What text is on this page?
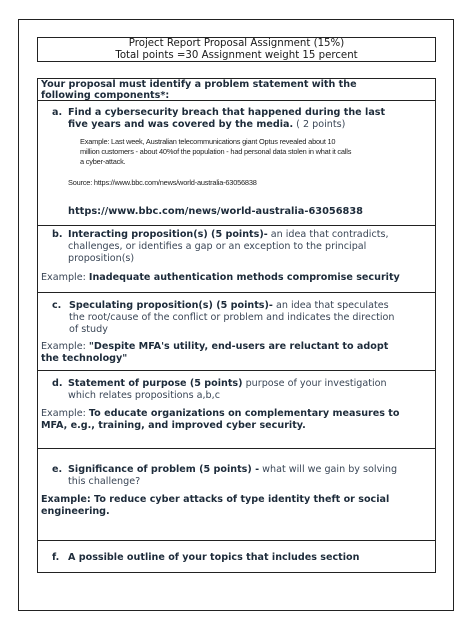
Project Report Proposal Assignment (15%)
Total points =30 Assignment weight 15 percent
Your proposal must identify a problem statement with the
following components*:
a. Find a cybersecurity breach that happened during the last
five years and was covered by the media. ( 2 points)
Example: Last week, Australian telecommunications giant Optus revealed about 10
million customers - about 40%of the population - had personal data stolen in what it calls
a cyber-attack.
Source: https://www.bbc.com/news/world-australia-63056838
https://www.bbc.com/news/world-australia-63056838
b. Interacting proposition(s) (5 points)- an idea that contradicts,
challenges, or identifies a gap or an exception to the principal
proposition(s)
Example: Inadequate authentication methods compromise security
c. Speculating proposition(s) (5 points)- an idea that speculates
the root/cause of the conflict or problem and indicates the direction
of study
Example: "Despite MFA's utility, end-users are reluctant to adopt
the technology"
d. Statement of purpose (5 points) purpose of your investigation
which relates propositions a,b,c
Example: To educate organizations on complementary measures to
MFA, e.g., training, and improved cyber security.
e. Significance of problem (5 points) - what will we gain by solving
this challenge?
Example: To reduce cyber attacks of type identity theft or social
engineering.
f. A possible outline of your topics that includes section
